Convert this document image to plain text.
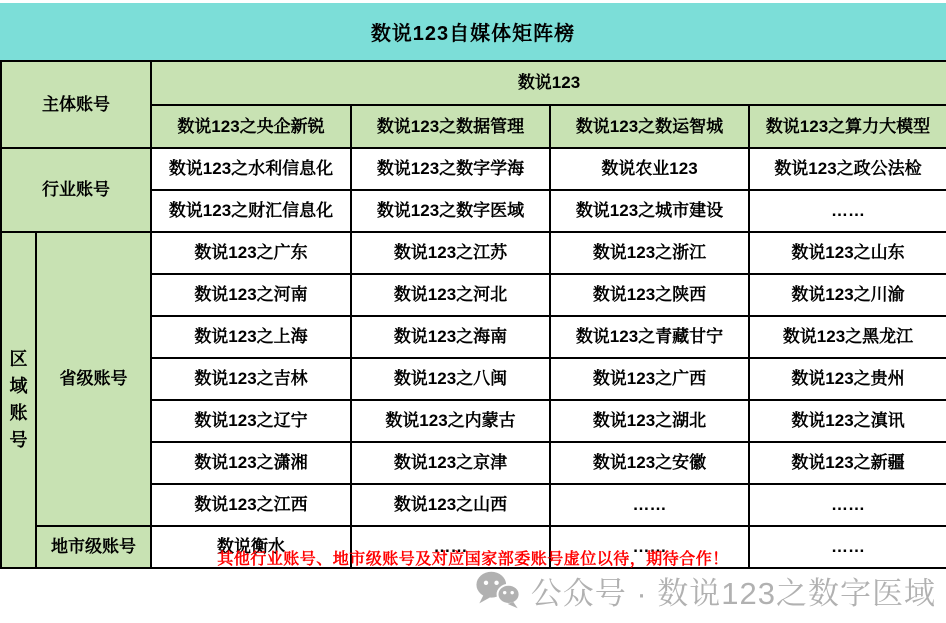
数说123自媒体矩阵榜
主体账号		数说123			
		数说123之央企新锐	数说123之数据管理	数说123之数运智城	数说123之算力大模型
行业账号		数说123之水利信息化	数说123之数字学海	数说农业123	数说123之政公法检
		数说123之财汇信息化	数说123之数字医域	数说123之城市建设	……

区域账号	省级账号	数说123之广东	数说123之江苏	数说123之浙江	数说123之山东
		数说123之河南	数说123之河北	数说123之陕西	数说123之川渝
		数说123之上海	数说123之海南	数说123之青藏甘宁	数说123之黑龙江
		数说123之吉林	数说123之八闽	数说123之广西	数说123之贵州
		数说123之辽宁	数说123之内蒙古	数说123之湖北	数说123之滇讯
		数说123之潇湘	数说123之京津	数说123之安徽	数说123之新疆
		数说123之江西	数说123之山西	……	……
	地市级账号	数说衡水	……	……	……
其他行业账号、地市级账号及对应国家部委账号虚位以待，期待合作！
公众号 · 数说123之数字医域
